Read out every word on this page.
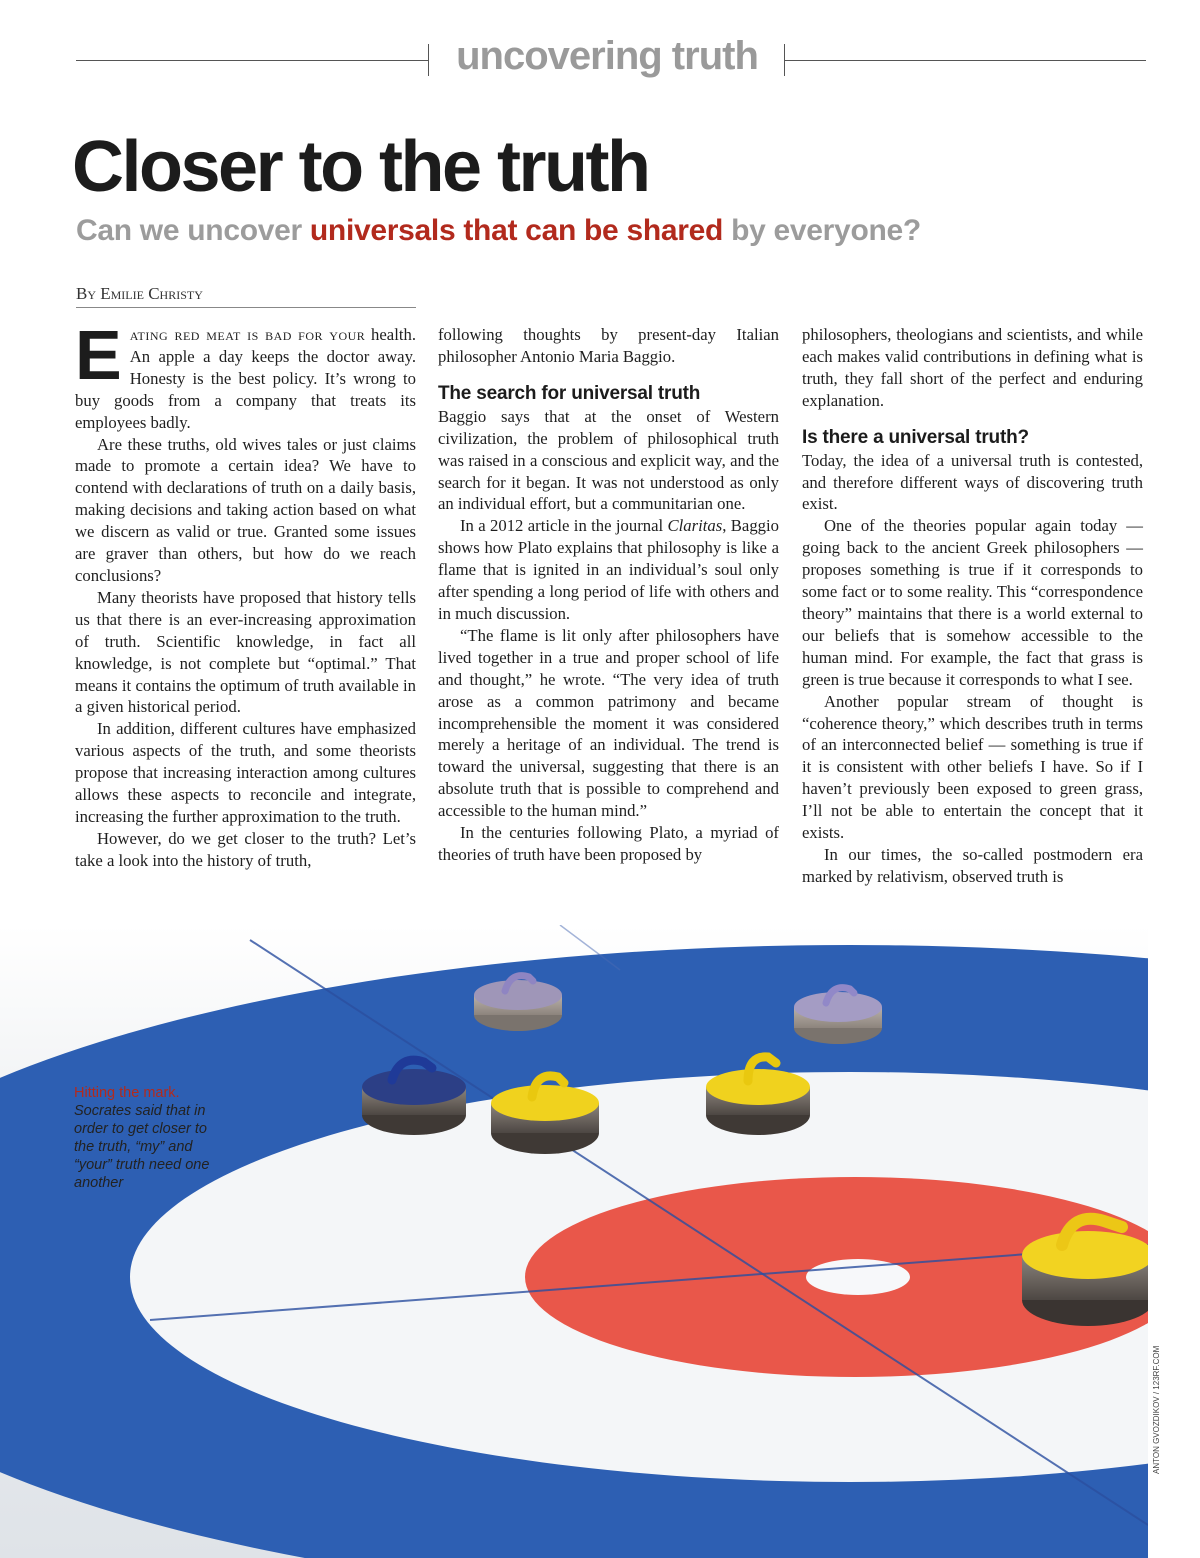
uncovering truth
Closer to the truth
Can we uncover universals that can be shared by everyone?
By Emilie Christy

Eating red meat is bad for your health. An apple a day keeps the doctor away. Honesty is the best policy. It’s wrong to buy goods from a company that treats its employees badly.

Are these truths, old wives tales or just claims made to promote a certain idea? We have to contend with declarations of truth on a daily basis, making decisions and taking action based on what we discern as valid or true. Granted some issues are graver than others, but how do we reach conclusions?

Many theorists have proposed that history tells us that there is an ever-increasing approximation of truth. Scientific knowledge, in fact all knowledge, is not complete but “optimal.” That means it contains the optimum of truth available in a given historical period.

In addition, different cultures have emphasized various aspects of the truth, and some theorists propose that increasing interaction among cultures allows these aspects to reconcile and integrate, increasing the further approximation to the truth.

However, do we get closer to the truth? Let’s take a look into the history of truth,

following thoughts by present-day Italian philosopher Antonio Maria Baggio.

The search for universal truth

Baggio says that at the onset of Western civilization, the problem of philosophical truth was raised in a conscious and explicit way, and the search for it began. It was not understood as only an individual effort, but a communitarian one.

In a 2012 article in the journal Claritas, Baggio shows how Plato explains that philosophy is like a flame that is ignited in an individual’s soul only after spending a long period of life with others and in much discussion.

“The flame is lit only after philosophers have lived together in a true and proper school of life and thought,” he wrote. “The very idea of truth arose as a common patrimony and became incomprehensible the moment it was considered merely a heritage of an individual. The trend is toward the universal, suggesting that there is an absolute truth that is possible to comprehend and accessible to the human mind.”

In the centuries following Plato, a myriad of theories of truth have been proposed by

philosophers, theologians and scientists, and while each makes valid contributions in defining what is truth, they fall short of the perfect and enduring explanation.

Is there a universal truth?

Today, the idea of a universal truth is contested, and therefore different ways of discovering truth exist.

One of the theories popular again today — going back to the ancient Greek philosophers — proposes something is true if it corresponds to some fact or to some reality. This “correspondence theory” maintains that there is a world external to our beliefs that is somehow accessible to the human mind. For example, the fact that grass is green is true because it corresponds to what I see.

Another popular stream of thought is “coherence theory,” which describes truth in terms of an interconnected belief — something is true if it is consistent with other beliefs I have. So if I haven’t previously been exposed to green grass, I’ll not be able to entertain the concept that it exists.

In our times, the so-called postmodern era marked by relativism, observed truth is

Hitting the mark.
Socrates said that in order to get closer to the truth, “my” and “your” truth need one another
ANTON GVOZDIKOV / 123RF.COM
